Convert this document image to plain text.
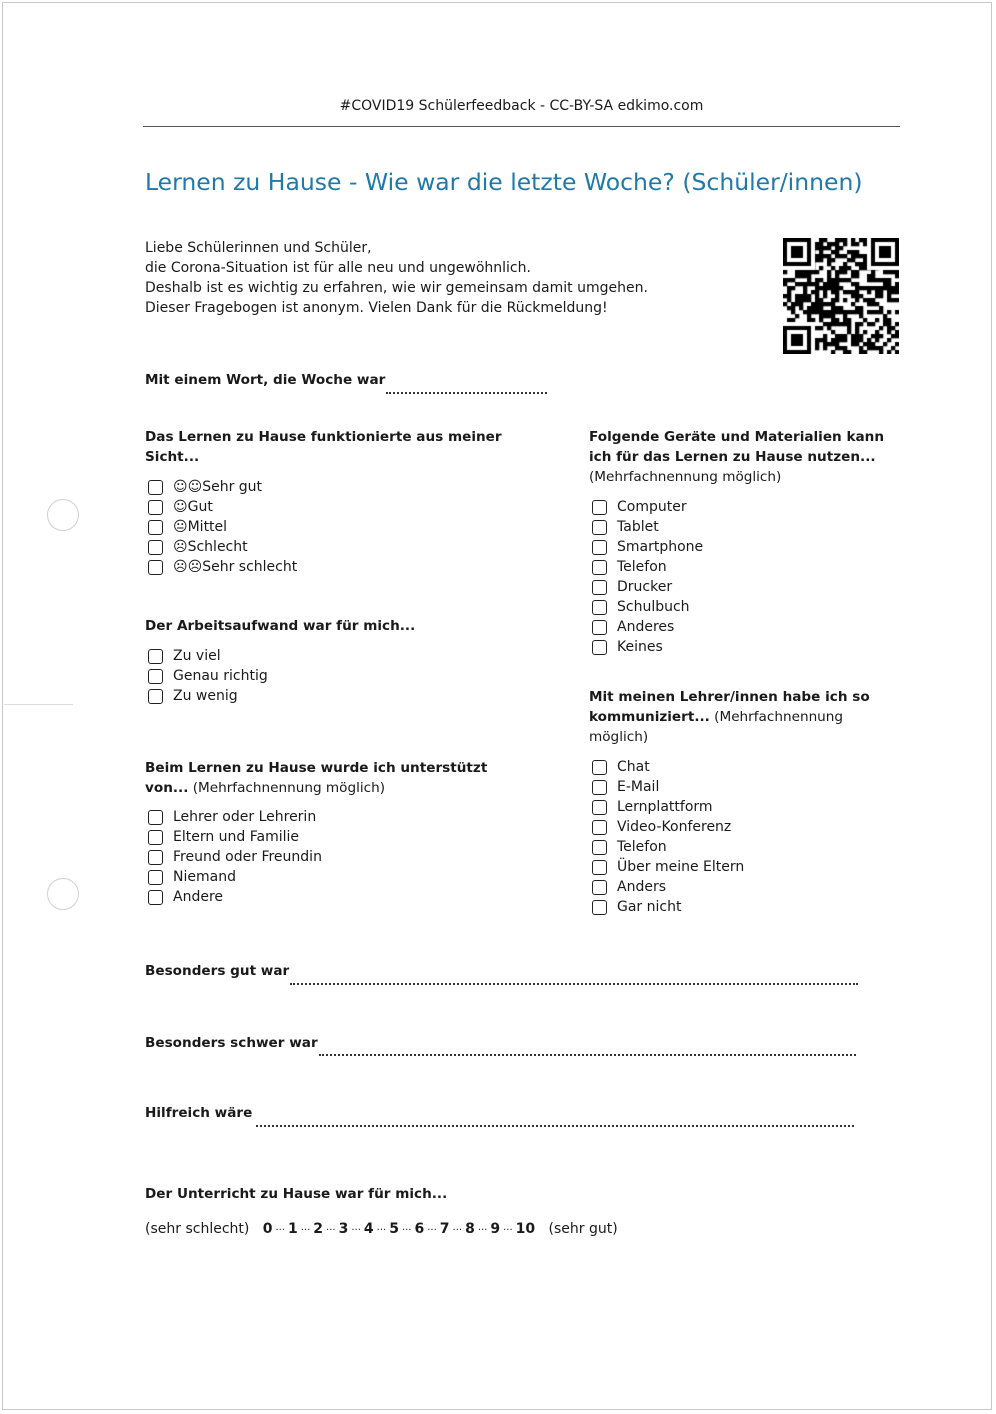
#COVID19 Schülerfeedback - CC-BY-SA edkimo.com
Lernen zu Hause - Wie war die letzte Woche? (Schüler/innen)
Liebe Schülerinnen und Schüler,
die Corona-Situation ist für alle neu und ungewöhnlich.
Deshalb ist es wichtig zu erfahren, wie wir gemeinsam damit umgehen.
Dieser Fragebogen ist anonym. Vielen Dank für die Rückmeldung!
Mit einem Wort, die Woche war
Das Lernen zu Hause funktionierte aus meiner
Sicht...
☺☺Sehr gut
☺Gut
😐Mittel
☹Schlecht
☹☹Sehr schlecht
Der Arbeitsaufwand war für mich...
Zu viel
Genau richtig
Zu wenig
Beim Lernen zu Hause wurde ich unterstützt
von... (Mehrfachnennung möglich)
Lehrer oder Lehrerin
Eltern und Familie
Freund oder Freundin
Niemand
Andere
Folgende Geräte und Materialien kann
ich für das Lernen zu Hause nutzen...
(Mehrfachnennung möglich)
Computer
Tablet
Smartphone
Telefon
Drucker
Schulbuch
Anderes
Keines
Mit meinen Lehrer/innen habe ich so
kommuniziert... (Mehrfachnennung
möglich)
Chat
E-Mail
Lernplattform
Video-Konferenz
Telefon
Über meine Eltern
Anders
Gar nicht
Besonders gut war
Besonders schwer war
Hilfreich wäre
Der Unterricht zu Hause war für mich...
(sehr schlecht) 0 ··· 1 ··· 2 ··· 3 ··· 4 ··· 5 ··· 6 ··· 7 ··· 8 ··· 9 ··· 10 (sehr gut)
